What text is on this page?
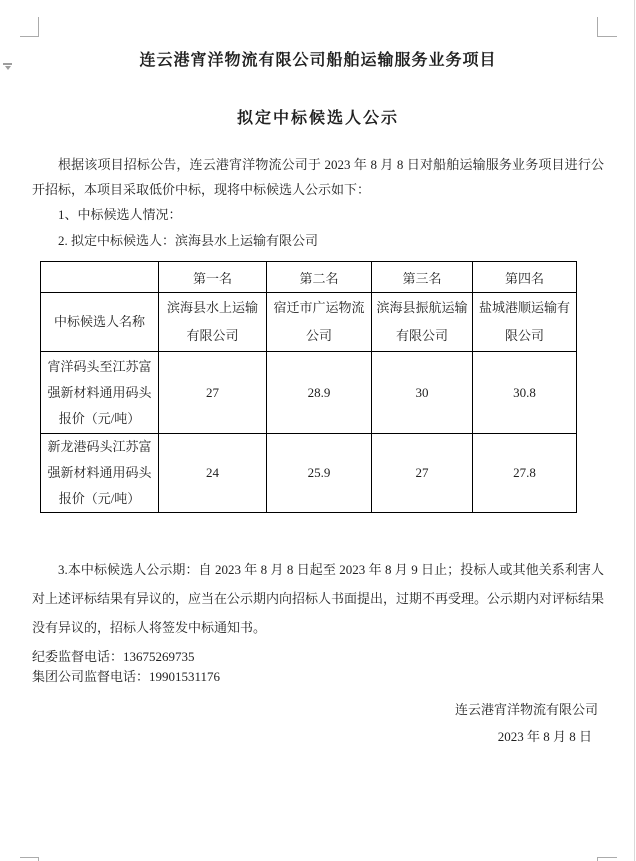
连云港宵洋物流有限公司船舶运输服务业务项目
拟定中标候选人公示
根据该项目招标公告，连云港宵洋物流公司于 2023 年 8 月 8 日对船舶运输服务业务项目进行公开招标，本项目采取低价中标，现将中标候选人公示如下：
1、中标候选人情况：
2. 拟定中标候选人：滨海县水上运输有限公司
	第一名	第二名	第三名	第四名
中标候选人名称	滨海县水上运输有限公司	宿迁市广运物流公司	滨海县振航运输有限公司	盐城港顺运输有限公司
宵洋码头至江苏富强新材料通用码头报价（元/吨）	27	28.9	30	30.8
新龙港码头江苏富强新材料通用码头报价（元/吨）	24	25.9	27	27.8
3.本中标候选人公示期：自 2023 年 8 月 8 日起至 2023 年 8 月 9 日止；投标人或其他关系利害人对上述评标结果有异议的，应当在公示期内向招标人书面提出，过期不再受理。公示期内对评标结果没有异议的，招标人将签发中标通知书。
纪委监督电话：13675269735
集团公司监督电话：19901531176
连云港宵洋物流有限公司
2023 年 8 月 8 日
